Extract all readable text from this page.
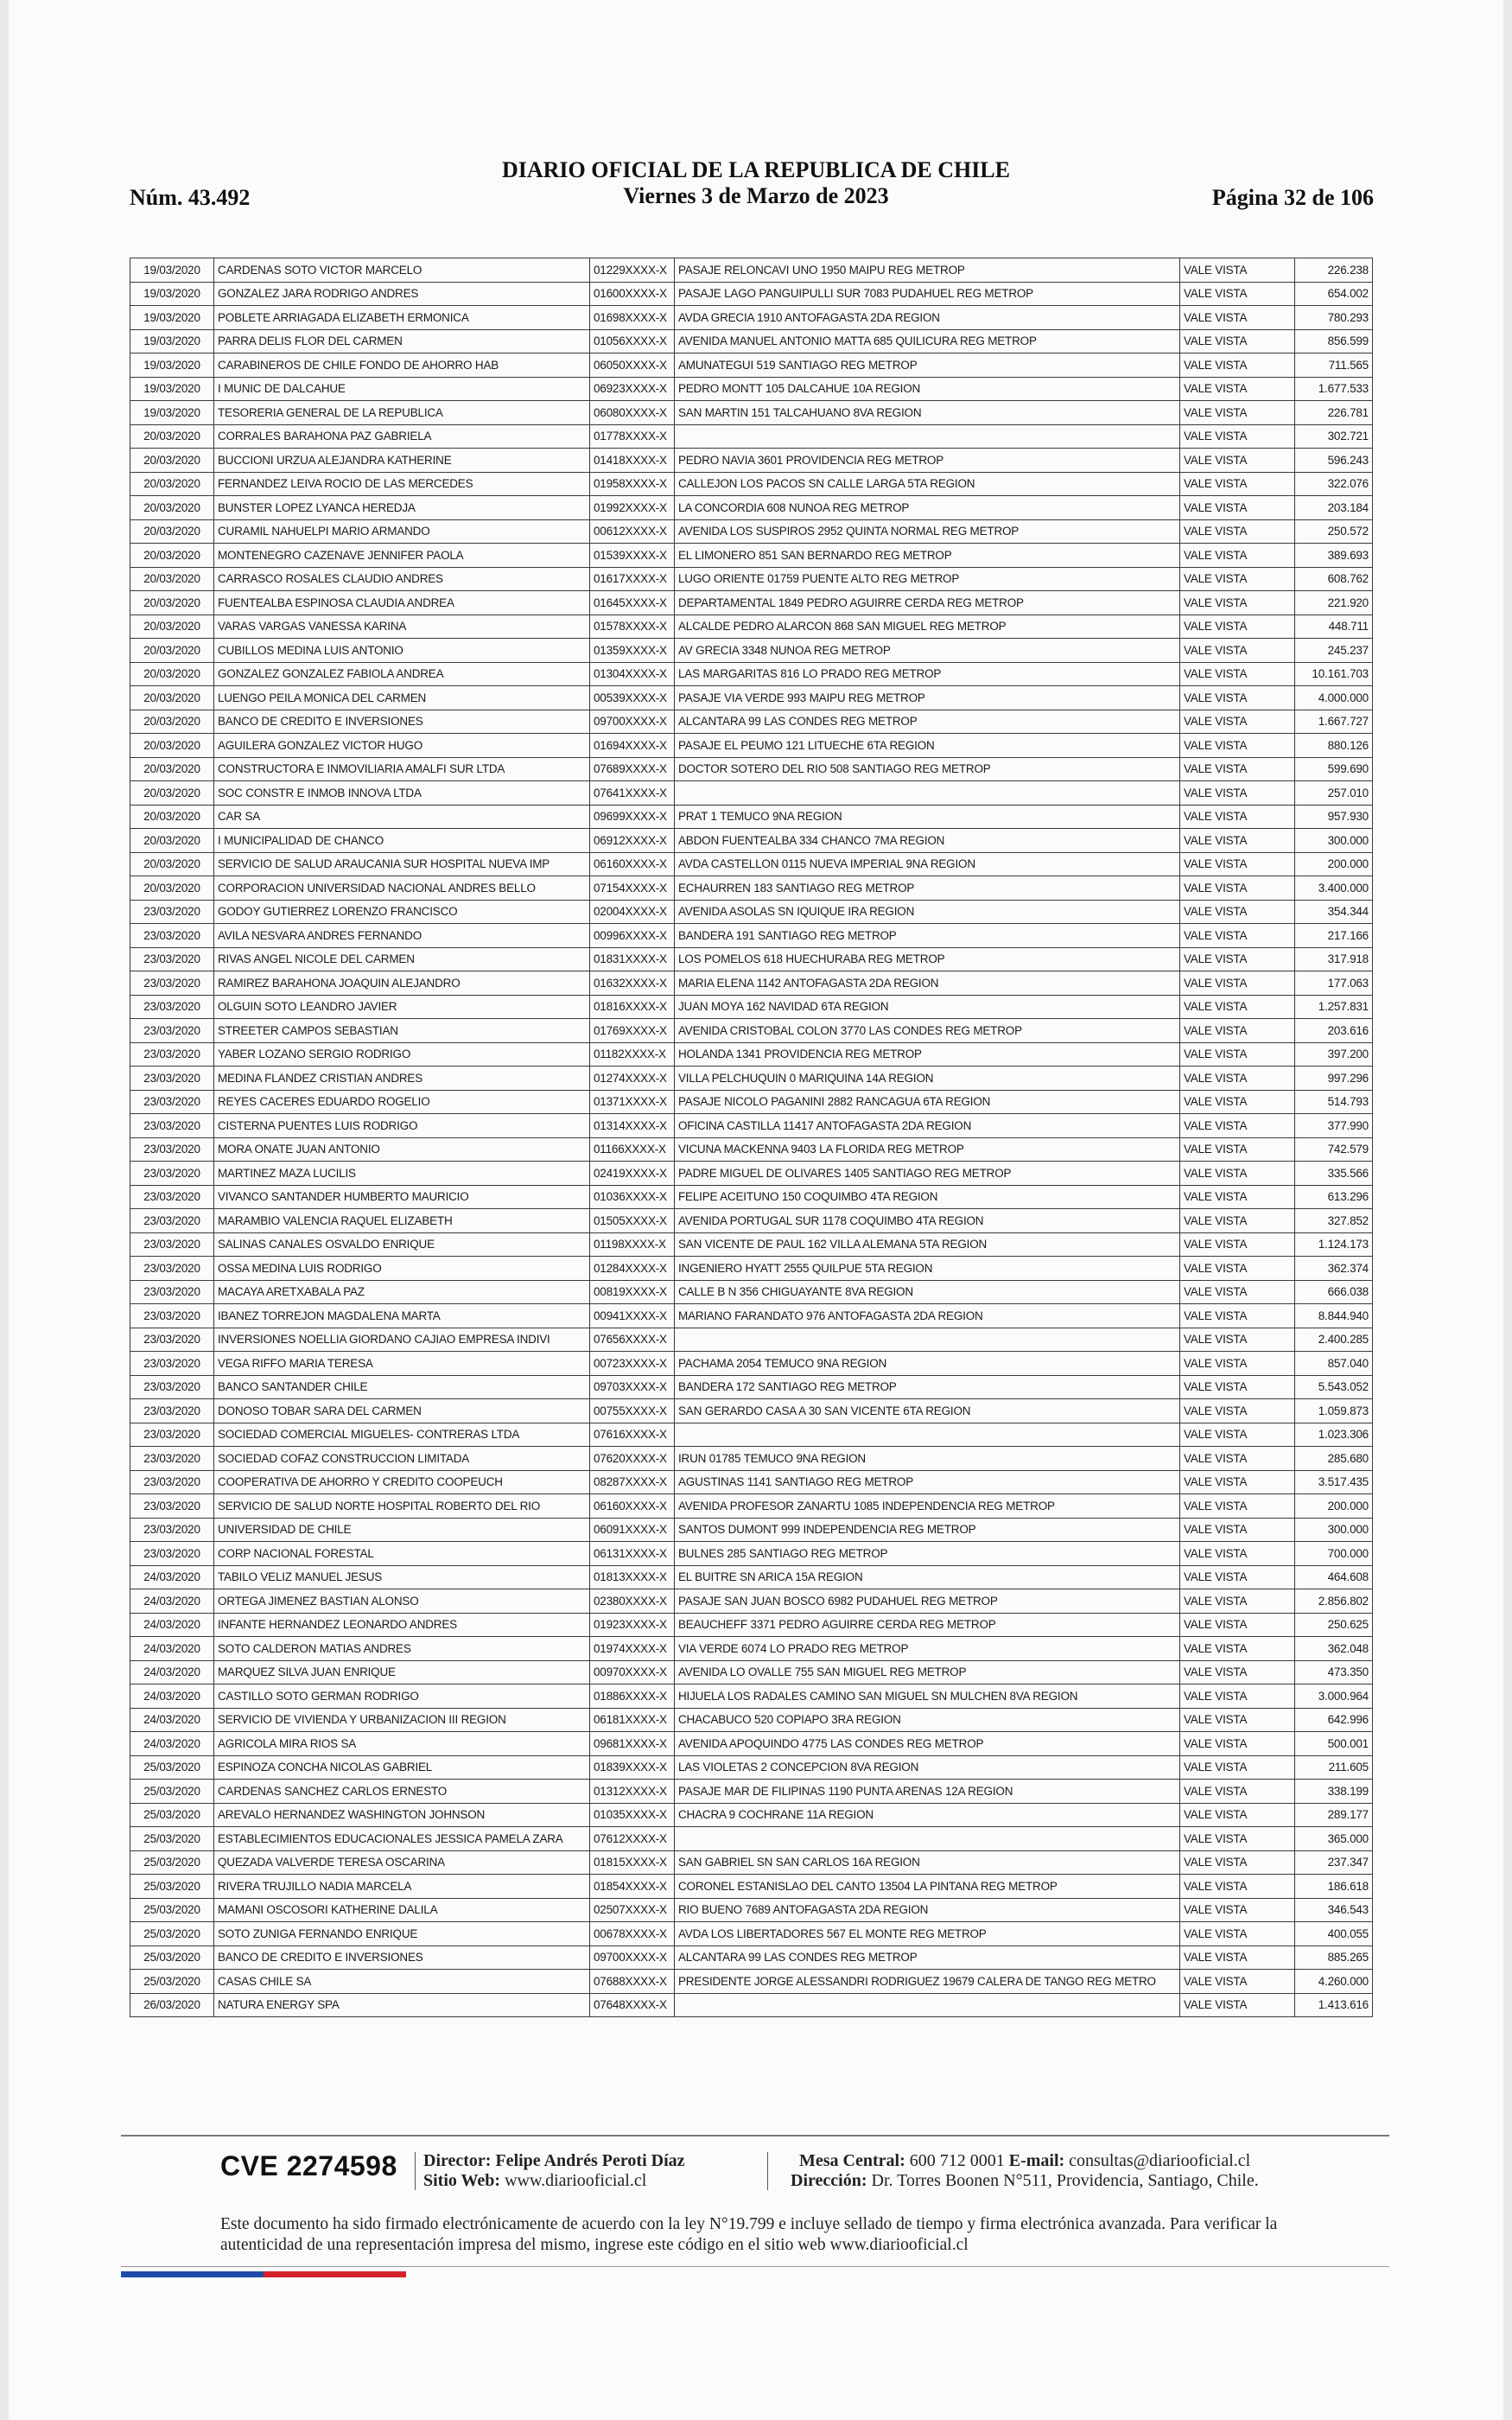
Núm. 43.492
DIARIO OFICIAL DE LA REPUBLICA DE CHILE
Viernes 3 de Marzo de 2023	Página 32 de 106
19/03/2020	CARDENAS SOTO VICTOR MARCELO	01229XXXX-X	PASAJE RELONCAVI UNO 1950 MAIPU REG METROP	VALE VISTA	226.238
19/03/2020	GONZALEZ JARA RODRIGO ANDRES	01600XXXX-X	PASAJE LAGO PANGUIPULLI SUR 7083 PUDAHUEL REG METROP	VALE VISTA	654.002
19/03/2020	POBLETE ARRIAGADA ELIZABETH ERMONICA	01698XXXX-X	AVDA GRECIA 1910 ANTOFAGASTA 2DA REGION	VALE VISTA	780.293
19/03/2020	PARRA DELIS FLOR DEL CARMEN	01056XXXX-X	AVENIDA MANUEL ANTONIO MATTA 685 QUILICURA REG METROP	VALE VISTA	856.599
19/03/2020	CARABINEROS DE CHILE FONDO DE AHORRO HAB	06050XXXX-X	AMUNATEGUI 519 SANTIAGO REG METROP	VALE VISTA	711.565
19/03/2020	I MUNIC DE DALCAHUE	06923XXXX-X	PEDRO MONTT 105 DALCAHUE 10A REGION	VALE VISTA	1.677.533
19/03/2020	TESORERIA GENERAL DE LA REPUBLICA	06080XXXX-X	SAN MARTIN 151 TALCAHUANO 8VA REGION	VALE VISTA	226.781
20/03/2020	CORRALES BARAHONA PAZ GABRIELA	01778XXXX-X		VALE VISTA	302.721
20/03/2020	BUCCIONI URZUA ALEJANDRA KATHERINE	01418XXXX-X	PEDRO NAVIA 3601 PROVIDENCIA REG METROP	VALE VISTA	596.243
20/03/2020	FERNANDEZ LEIVA ROCIO DE LAS MERCEDES	01958XXXX-X	CALLEJON LOS PACOS SN CALLE LARGA 5TA REGION	VALE VISTA	322.076
20/03/2020	BUNSTER LOPEZ LYANCA HEREDJA	01992XXXX-X	LA CONCORDIA 608 NUNOA REG METROP	VALE VISTA	203.184
20/03/2020	CURAMIL NAHUELPI MARIO ARMANDO	00612XXXX-X	AVENIDA LOS SUSPIROS 2952 QUINTA NORMAL REG METROP	VALE VISTA	250.572
20/03/2020	MONTENEGRO CAZENAVE JENNIFER PAOLA	01539XXXX-X	EL LIMONERO 851 SAN BERNARDO REG METROP	VALE VISTA	389.693
20/03/2020	CARRASCO ROSALES CLAUDIO ANDRES	01617XXXX-X	LUGO ORIENTE 01759 PUENTE ALTO REG METROP	VALE VISTA	608.762
20/03/2020	FUENTEALBA ESPINOSA CLAUDIA ANDREA	01645XXXX-X	DEPARTAMENTAL 1849 PEDRO AGUIRRE CERDA REG METROP	VALE VISTA	221.920
20/03/2020	VARAS VARGAS VANESSA KARINA	01578XXXX-X	ALCALDE PEDRO ALARCON 868 SAN MIGUEL REG METROP	VALE VISTA	448.711
20/03/2020	CUBILLOS MEDINA LUIS ANTONIO	01359XXXX-X	AV GRECIA 3348 NUNOA REG METROP	VALE VISTA	245.237
20/03/2020	GONZALEZ GONZALEZ FABIOLA ANDREA	01304XXXX-X	LAS MARGARITAS 816 LO PRADO REG METROP	VALE VISTA	10.161.703
20/03/2020	LUENGO PEILA MONICA DEL CARMEN	00539XXXX-X	PASAJE VIA VERDE 993 MAIPU REG METROP	VALE VISTA	4.000.000
20/03/2020	BANCO DE CREDITO E INVERSIONES	09700XXXX-X	ALCANTARA 99 LAS CONDES REG METROP	VALE VISTA	1.667.727
20/03/2020	AGUILERA GONZALEZ VICTOR HUGO	01694XXXX-X	PASAJE EL PEUMO 121 LITUECHE 6TA REGION	VALE VISTA	880.126
20/03/2020	CONSTRUCTORA E INMOVILIARIA AMALFI SUR LTDA	07689XXXX-X	DOCTOR SOTERO DEL RIO 508 SANTIAGO REG METROP	VALE VISTA	599.690
20/03/2020	SOC CONSTR E INMOB INNOVA LTDA	07641XXXX-X		VALE VISTA	257.010
20/03/2020	CAR SA	09699XXXX-X	PRAT 1 TEMUCO 9NA REGION	VALE VISTA	957.930
20/03/2020	I MUNICIPALIDAD DE CHANCO	06912XXXX-X	ABDON FUENTEALBA 334 CHANCO 7MA REGION	VALE VISTA	300.000
20/03/2020	SERVICIO DE SALUD ARAUCANIA SUR HOSPITAL NUEVA IMP	06160XXXX-X	AVDA CASTELLON 0115 NUEVA IMPERIAL 9NA REGION	VALE VISTA	200.000
20/03/2020	CORPORACION UNIVERSIDAD NACIONAL ANDRES BELLO	07154XXXX-X	ECHAURREN 183 SANTIAGO REG METROP	VALE VISTA	3.400.000
23/03/2020	GODOY GUTIERREZ LORENZO FRANCISCO	02004XXXX-X	AVENIDA ASOLAS SN IQUIQUE IRA REGION	VALE VISTA	354.344
23/03/2020	AVILA NESVARA ANDRES FERNANDO	00996XXXX-X	BANDERA 191 SANTIAGO REG METROP	VALE VISTA	217.166
23/03/2020	RIVAS ANGEL NICOLE DEL CARMEN	01831XXXX-X	LOS POMELOS 618 HUECHURABA REG METROP	VALE VISTA	317.918
23/03/2020	RAMIREZ BARAHONA JOAQUIN ALEJANDRO	01632XXXX-X	MARIA ELENA 1142 ANTOFAGASTA 2DA REGION	VALE VISTA	177.063
23/03/2020	OLGUIN SOTO LEANDRO JAVIER	01816XXXX-X	JUAN MOYA 162 NAVIDAD 6TA REGION	VALE VISTA	1.257.831
23/03/2020	STREETER CAMPOS SEBASTIAN	01769XXXX-X	AVENIDA CRISTOBAL COLON 3770 LAS CONDES REG METROP	VALE VISTA	203.616
23/03/2020	YABER LOZANO SERGIO RODRIGO	01182XXXX-X	HOLANDA 1341 PROVIDENCIA REG METROP	VALE VISTA	397.200
23/03/2020	MEDINA FLANDEZ CRISTIAN ANDRES	01274XXXX-X	VILLA PELCHUQUIN 0 MARIQUINA 14A REGION	VALE VISTA	997.296
23/03/2020	REYES CACERES EDUARDO ROGELIO	01371XXXX-X	PASAJE NICOLO PAGANINI 2882 RANCAGUA 6TA REGION	VALE VISTA	514.793
23/03/2020	CISTERNA PUENTES LUIS RODRIGO	01314XXXX-X	OFICINA CASTILLA 11417 ANTOFAGASTA 2DA REGION	VALE VISTA	377.990
23/03/2020	MORA ONATE JUAN ANTONIO	01166XXXX-X	VICUNA MACKENNA 9403 LA FLORIDA REG METROP	VALE VISTA	742.579
23/03/2020	MARTINEZ MAZA LUCILIS	02419XXXX-X	PADRE MIGUEL DE OLIVARES 1405 SANTIAGO REG METROP	VALE VISTA	335.566
23/03/2020	VIVANCO SANTANDER HUMBERTO MAURICIO	01036XXXX-X	FELIPE ACEITUNO 150 COQUIMBO 4TA REGION	VALE VISTA	613.296
23/03/2020	MARAMBIO VALENCIA RAQUEL ELIZABETH	01505XXXX-X	AVENIDA PORTUGAL SUR 1178 COQUIMBO 4TA REGION	VALE VISTA	327.852
23/03/2020	SALINAS CANALES OSVALDO ENRIQUE	01198XXXX-X	SAN VICENTE DE PAUL 162 VILLA ALEMANA 5TA REGION	VALE VISTA	1.124.173
23/03/2020	OSSA MEDINA LUIS RODRIGO	01284XXXX-X	INGENIERO HYATT 2555 QUILPUE 5TA REGION	VALE VISTA	362.374
23/03/2020	MACAYA ARETXABALA PAZ	00819XXXX-X	CALLE B N 356 CHIGUAYANTE 8VA REGION	VALE VISTA	666.038
23/03/2020	IBANEZ TORREJON MAGDALENA MARTA	00941XXXX-X	MARIANO FARANDATO 976 ANTOFAGASTA 2DA REGION	VALE VISTA	8.844.940
23/03/2020	INVERSIONES NOELLIA GIORDANO CAJIAO EMPRESA INDIVI	07656XXXX-X		VALE VISTA	2.400.285
23/03/2020	VEGA RIFFO MARIA TERESA	00723XXXX-X	PACHAMA 2054 TEMUCO 9NA REGION	VALE VISTA	857.040
23/03/2020	BANCO SANTANDER CHILE	09703XXXX-X	BANDERA 172 SANTIAGO REG METROP	VALE VISTA	5.543.052
23/03/2020	DONOSO TOBAR SARA DEL CARMEN	00755XXXX-X	SAN GERARDO CASA A 30 SAN VICENTE 6TA REGION	VALE VISTA	1.059.873
23/03/2020	SOCIEDAD COMERCIAL MIGUELES- CONTRERAS LTDA	07616XXXX-X		VALE VISTA	1.023.306
23/03/2020	SOCIEDAD COFAZ CONSTRUCCION LIMITADA	07620XXXX-X	IRUN 01785 TEMUCO 9NA REGION	VALE VISTA	285.680
23/03/2020	COOPERATIVA DE AHORRO Y CREDITO COOPEUCH	08287XXXX-X	AGUSTINAS 1141 SANTIAGO REG METROP	VALE VISTA	3.517.435
23/03/2020	SERVICIO DE SALUD NORTE HOSPITAL ROBERTO DEL RIO	06160XXXX-X	AVENIDA PROFESOR ZANARTU 1085 INDEPENDENCIA REG METROP	VALE VISTA	200.000
23/03/2020	UNIVERSIDAD DE CHILE	06091XXXX-X	SANTOS DUMONT 999 INDEPENDENCIA REG METROP	VALE VISTA	300.000
23/03/2020	CORP NACIONAL FORESTAL	06131XXXX-X	BULNES 285 SANTIAGO REG METROP	VALE VISTA	700.000
24/03/2020	TABILO VELIZ MANUEL JESUS	01813XXXX-X	EL BUITRE SN ARICA 15A REGION	VALE VISTA	464.608
24/03/2020	ORTEGA JIMENEZ BASTIAN ALONSO	02380XXXX-X	PASAJE SAN JUAN BOSCO 6982 PUDAHUEL REG METROP	VALE VISTA	2.856.802
24/03/2020	INFANTE HERNANDEZ LEONARDO ANDRES	01923XXXX-X	BEAUCHEFF 3371 PEDRO AGUIRRE CERDA REG METROP	VALE VISTA	250.625
24/03/2020	SOTO CALDERON MATIAS ANDRES	01974XXXX-X	VIA VERDE 6074 LO PRADO REG METROP	VALE VISTA	362.048
24/03/2020	MARQUEZ SILVA JUAN ENRIQUE	00970XXXX-X	AVENIDA LO OVALLE 755 SAN MIGUEL REG METROP	VALE VISTA	473.350
24/03/2020	CASTILLO SOTO GERMAN RODRIGO	01886XXXX-X	HIJUELA LOS RADALES CAMINO SAN MIGUEL SN MULCHEN 8VA REGION	VALE VISTA	3.000.964
24/03/2020	SERVICIO DE VIVIENDA Y URBANIZACION III REGION	06181XXXX-X	CHACABUCO 520 COPIAPO 3RA REGION	VALE VISTA	642.996
24/03/2020	AGRICOLA MIRA RIOS SA	09681XXXX-X	AVENIDA APOQUINDO 4775 LAS CONDES REG METROP	VALE VISTA	500.001
25/03/2020	ESPINOZA CONCHA NICOLAS GABRIEL	01839XXXX-X	LAS VIOLETAS 2 CONCEPCION 8VA REGION	VALE VISTA	211.605
25/03/2020	CARDENAS SANCHEZ CARLOS ERNESTO	01312XXXX-X	PASAJE MAR DE FILIPINAS 1190 PUNTA ARENAS 12A REGION	VALE VISTA	338.199
25/03/2020	AREVALO HERNANDEZ WASHINGTON JOHNSON	01035XXXX-X	CHACRA 9 COCHRANE 11A REGION	VALE VISTA	289.177
25/03/2020	ESTABLECIMIENTOS EDUCACIONALES JESSICA PAMELA ZARA	07612XXXX-X		VALE VISTA	365.000
25/03/2020	QUEZADA VALVERDE TERESA OSCARINA	01815XXXX-X	SAN GABRIEL SN SAN CARLOS 16A REGION	VALE VISTA	237.347
25/03/2020	RIVERA TRUJILLO NADIA MARCELA	01854XXXX-X	CORONEL ESTANISLAO DEL CANTO 13504 LA PINTANA REG METROP	VALE VISTA	186.618
25/03/2020	MAMANI OSCOSORI KATHERINE DALILA	02507XXXX-X	RIO BUENO 7689 ANTOFAGASTA 2DA REGION	VALE VISTA	346.543
25/03/2020	SOTO ZUNIGA FERNANDO ENRIQUE	00678XXXX-X	AVDA LOS LIBERTADORES 567 EL MONTE REG METROP	VALE VISTA	400.055
25/03/2020	BANCO DE CREDITO E INVERSIONES	09700XXXX-X	ALCANTARA 99 LAS CONDES REG METROP	VALE VISTA	885.265
25/03/2020	CASAS CHILE SA	07688XXXX-X	PRESIDENTE JORGE ALESSANDRI RODRIGUEZ 19679 CALERA DE TANGO REG METRO	VALE VISTA	4.260.000
26/03/2020	NATURA ENERGY SPA	07648XXXX-X		VALE VISTA	1.413.616
CVE 2274598 Director: Felipe Andrés Peroti Díaz
Sitio Web: www.diariooficial.cl
Mesa Central: 600 712 0001 E-mail: consultas@diariooficial.cl
Dirección: Dr. Torres Boonen N°511, Providencia, Santiago, Chile.
Este documento ha sido firmado electrónicamente de acuerdo con la ley N°19.799 e incluye sellado de tiempo y firma electrónica avanzada. Para verificar la autenticidad de una representación impresa del mismo, ingrese este código en el sitio web www.diariooficial.cl
